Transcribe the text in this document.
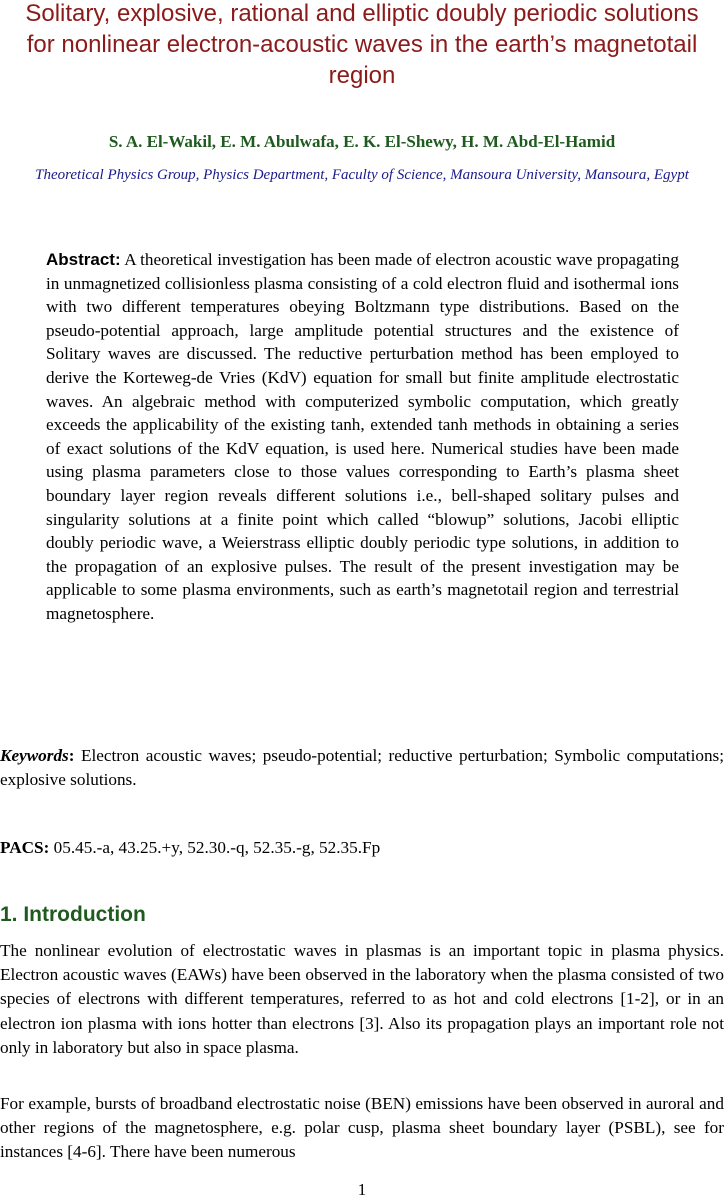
Solitary, explosive, rational and elliptic doubly periodic solutions for nonlinear electron-acoustic waves in the earth’s magnetotail region
S. A. El-Wakil, E. M. Abulwafa, E. K. El-Shewy, H. M. Abd-El-Hamid
Theoretical Physics Group, Physics Department, Faculty of Science, Mansoura University, Mansoura, Egypt
Abstract: A theoretical investigation has been made of electron acoustic wave propagating in unmagnetized collisionless plasma consisting of a cold electron fluid and isothermal ions with two different temperatures obeying Boltzmann type distributions. Based on the pseudo-potential approach, large amplitude potential structures and the existence of Solitary waves are discussed. The reductive perturbation method has been employed to derive the Korteweg-de Vries (KdV) equation for small but finite amplitude electrostatic waves. An algebraic method with computerized symbolic computation, which greatly exceeds the applicability of the existing tanh, extended tanh methods in obtaining a series of exact solutions of the KdV equation, is used here. Numerical studies have been made using plasma parameters close to those values corresponding to Earth’s plasma sheet boundary layer region reveals different solutions i.e., bell-shaped solitary pulses and singularity solutions at a finite point which called “blowup” solutions, Jacobi elliptic doubly periodic wave, a Weierstrass elliptic doubly periodic type solutions, in addition to the propagation of an explosive pulses. The result of the present investigation may be applicable to some plasma environments, such as earth’s magnetotail region and terrestrial magnetosphere.
Keywords: Electron acoustic waves; pseudo-potential; reductive perturbation; Symbolic computations; explosive solutions.
PACS: 05.45.-a, 43.25.+y, 52.30.-q, 52.35.-g, 52.35.Fp
1. Introduction

The nonlinear evolution of electrostatic waves in plasmas is an important topic in plasma physics. Electron acoustic waves (EAWs) have been observed in the laboratory when the plasma consisted of two species of electrons with different temperatures, referred to as hot and cold electrons [1-2], or in an electron ion plasma with ions hotter than electrons [3]. Also its propagation plays an important role not only in laboratory but also in space plasma.

For example, bursts of broadband electrostatic noise (BEN) emissions have been observed in auroral and other regions of the magnetosphere, e.g. polar cusp, plasma sheet boundary layer (PSBL), see for instances [4-6]. There have been numerous

1
